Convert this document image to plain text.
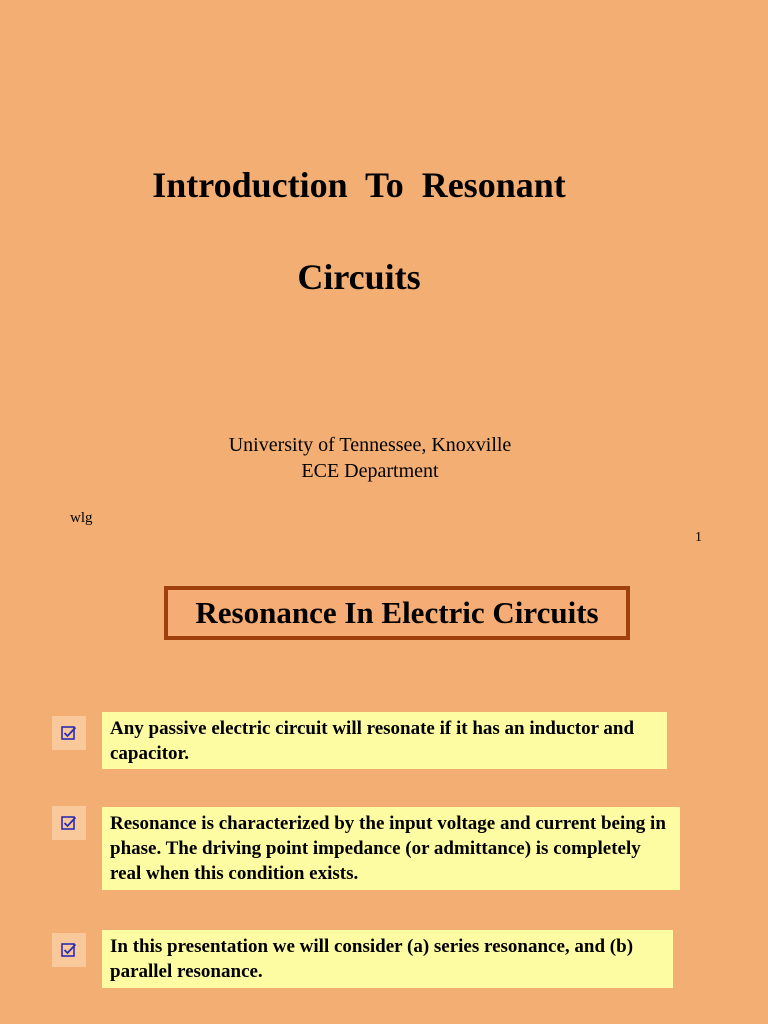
Introduction  To  Resonant
Circuits
University of Tennessee, Knoxville
ECE Department
wlg
1
Resonance In Electric Circuits
Any passive electric circuit will resonate if it has an inductor and capacitor.
Resonance is characterized by the input voltage and current being in phase. The driving point impedance (or admittance) is completely real when this condition exists.
In this presentation we will consider (a) series resonance, and (b) parallel resonance.
